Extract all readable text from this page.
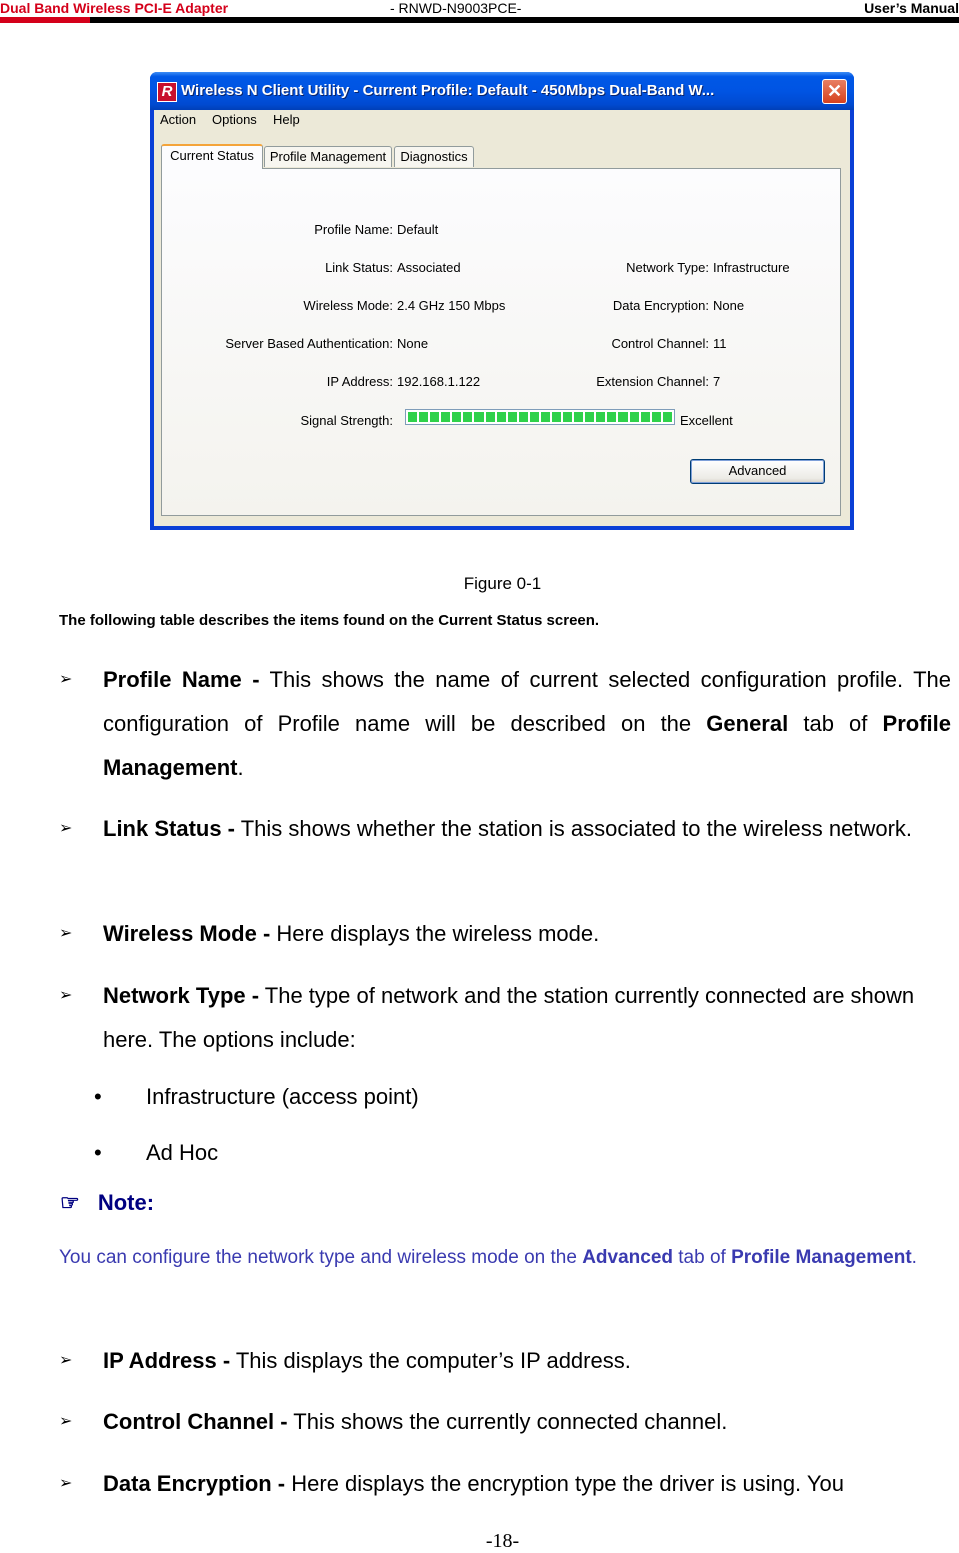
Dual Band Wireless PCI-E Adapter	- RNWD-N9003PCE-	User’s Manual
R Wireless N Client Utility - Current Profile: Default - 450Mbps Dual-Band W...	✕
Action Options Help
Current Status	Profile Management	Diagnostics
Profile Name: Default
Link Status: Associated	Network Type: Infrastructure
Wireless Mode: 2.4 GHz 150 Mbps	Data Encryption: None
Server Based Authentication: None	Control Channel: 11
IP Address: 192.168.1.122	Extension Channel: 7
Signal Strength:	Excellent
Advanced
Figure 0-1
The following table describes the items found on the Current Status screen.
➢ Profile Name - This shows the name of current selected configuration profile. The configuration of Profile name will be described on the General tab of Profile Management.
➢ Link Status - This shows whether the station is associated to the wireless network.
➢ Wireless Mode - Here displays the wireless mode.
➢ Network Type - The type of network and the station currently connected are shown here. The options include:
• Infrastructure (access point)
• Ad Hoc
☞ Note:
You can configure the network type and wireless mode on the Advanced tab of Profile Management.
➢ IP Address - This displays the computer’s IP address.
➢ Control Channel - This shows the currently connected channel.
➢ Data Encryption - Here displays the encryption type the driver is using. You
-18-
